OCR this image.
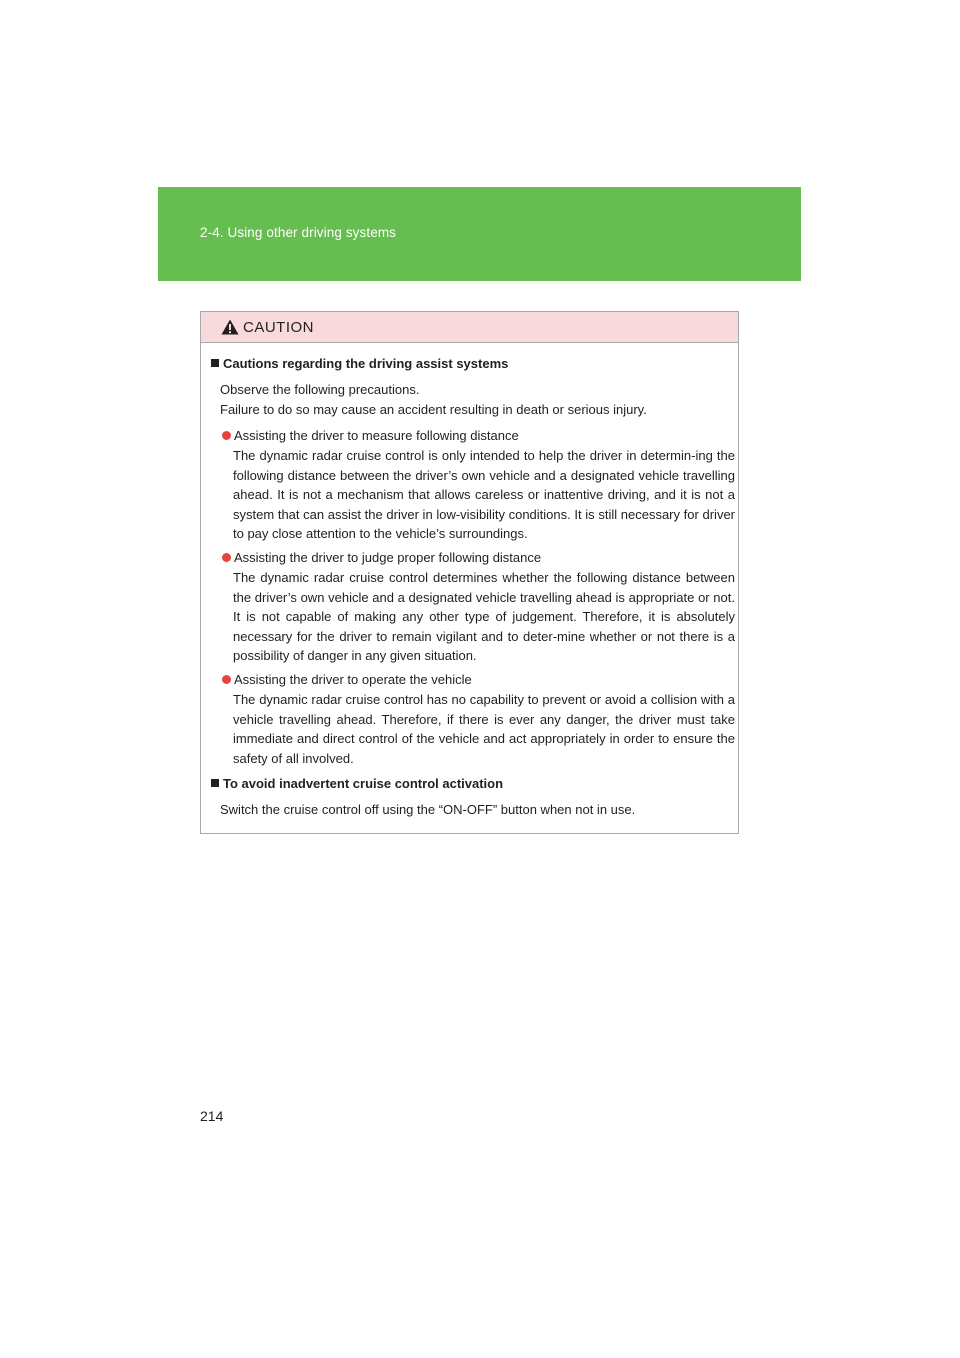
2-4. Using other driving systems
CAUTION
Cautions regarding the driving assist systems
Observe the following precautions.
Failure to do so may cause an accident resulting in death or serious injury.
Assisting the driver to measure following distance
The dynamic radar cruise control is only intended to help the driver in determin-ing the following distance between the driver’s own vehicle and a designated vehicle travelling ahead. It is not a mechanism that allows careless or inattentive driving, and it is not a system that can assist the driver in low-visibility conditions. It is still necessary for driver to pay close attention to the vehicle’s surroundings.
Assisting the driver to judge proper following distance
The dynamic radar cruise control determines whether the following distance between the driver’s own vehicle and a designated vehicle travelling ahead is appropriate or not. It is not capable of making any other type of judgement. Therefore, it is absolutely necessary for the driver to remain vigilant and to deter-mine whether or not there is a possibility of danger in any given situation.
Assisting the driver to operate the vehicle
The dynamic radar cruise control has no capability to prevent or avoid a collision with a vehicle travelling ahead. Therefore, if there is ever any danger, the driver must take immediate and direct control of the vehicle and act appropriately in order to ensure the safety of all involved.
To avoid inadvertent cruise control activation
Switch the cruise control off using the “ON-OFF” button when not in use.
214
